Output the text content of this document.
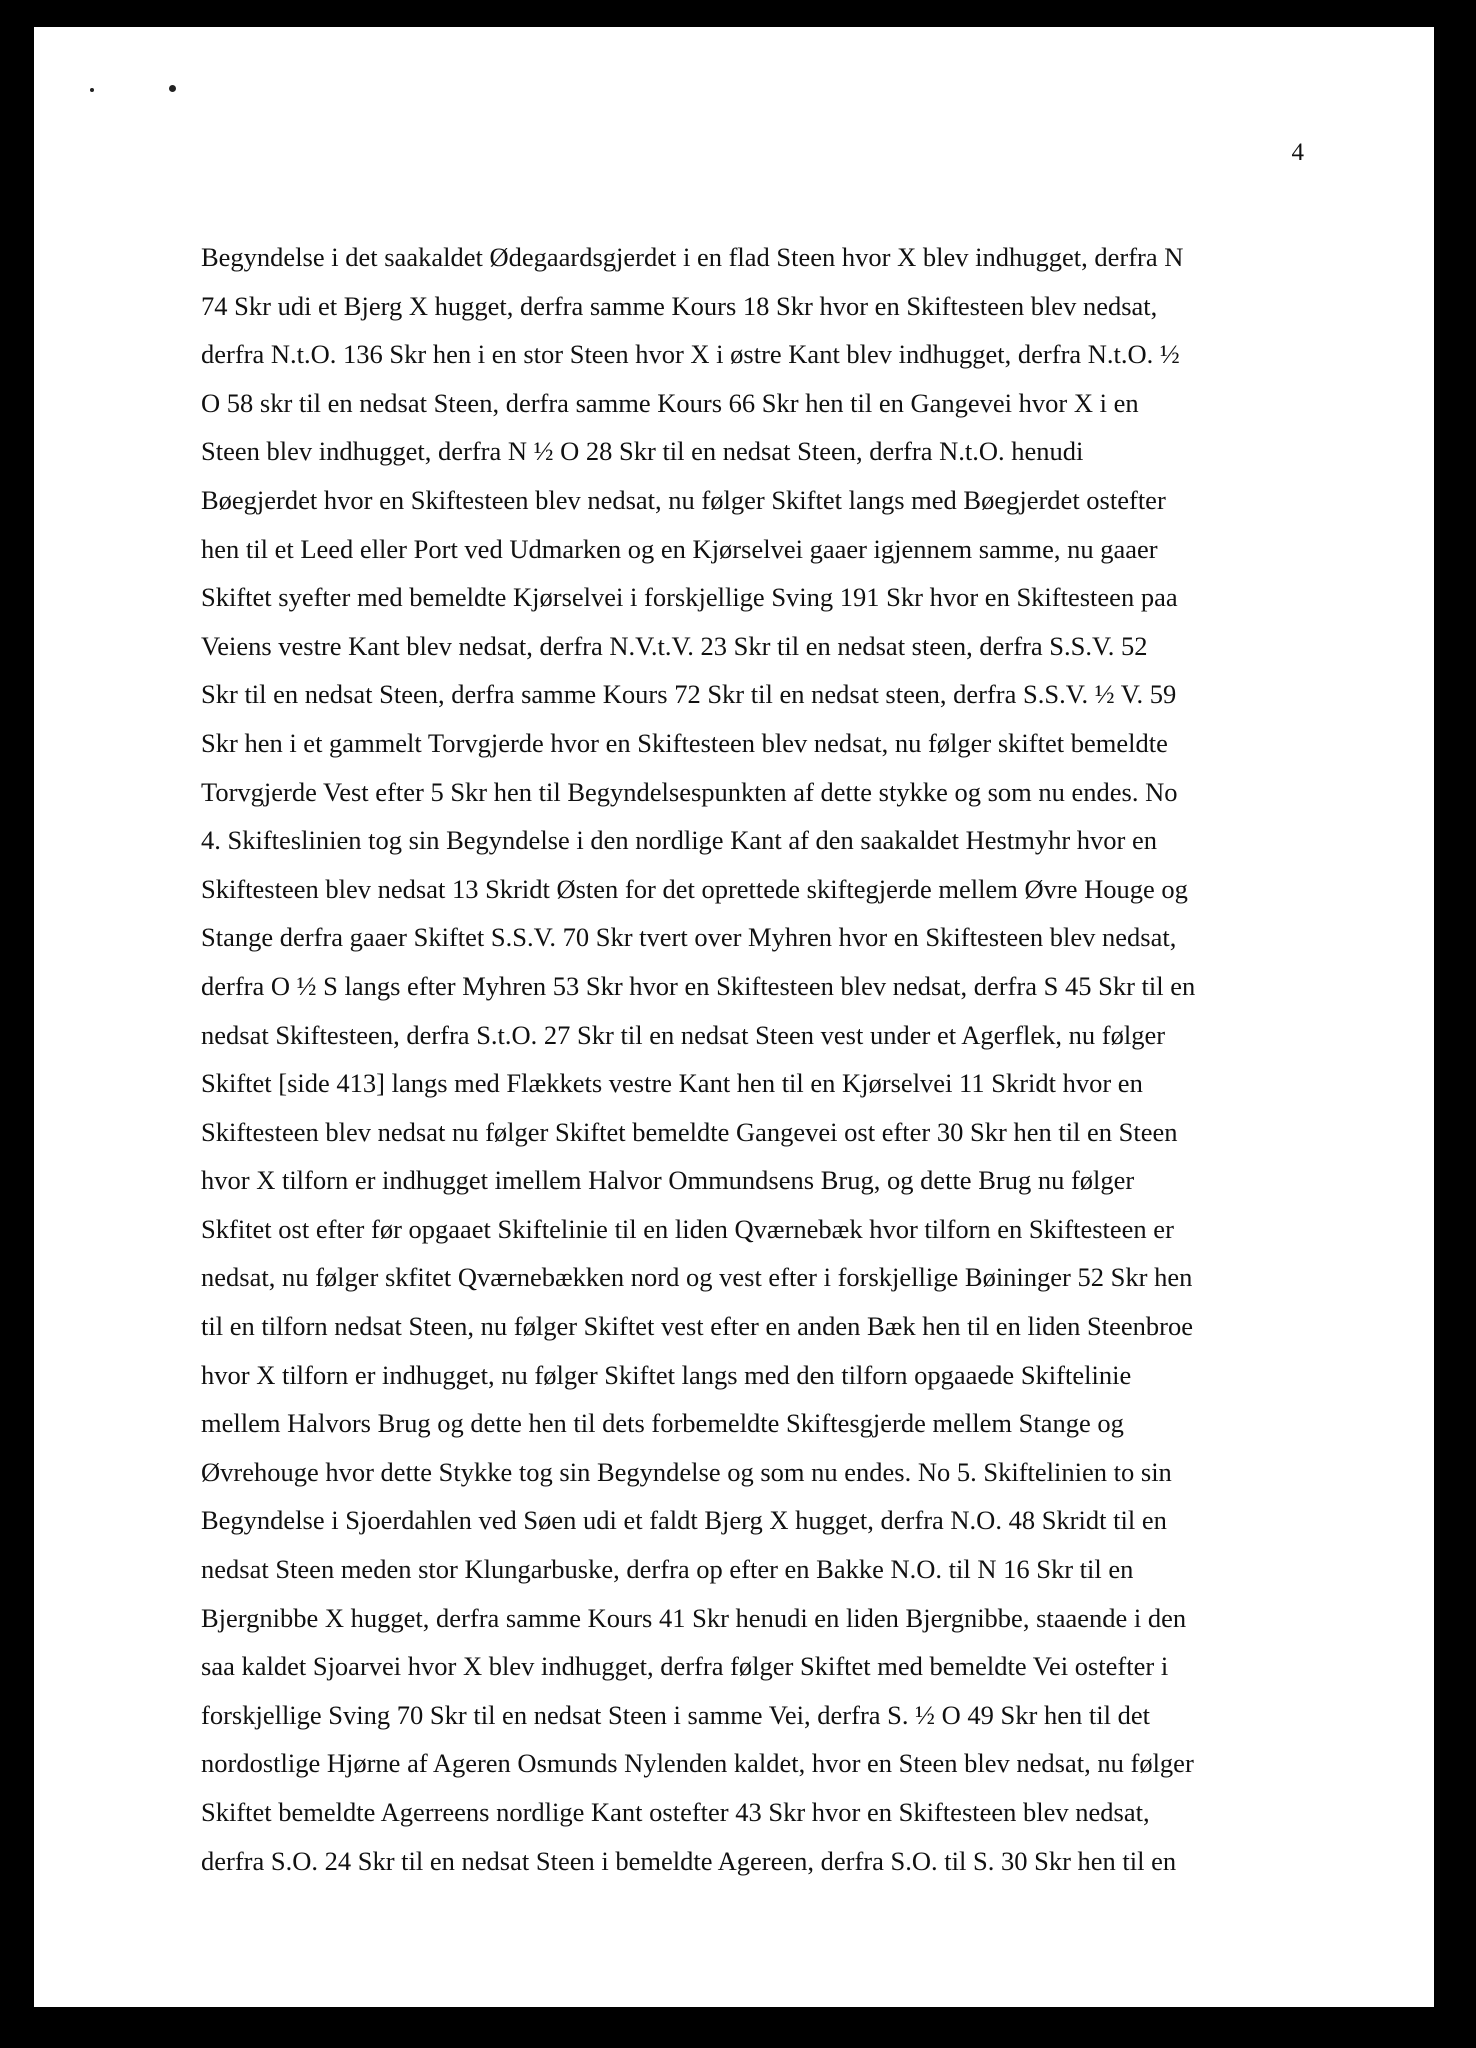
4
Begyndelse i det saakaldet Ødegaardsgjerdet i en flad Steen hvor X blev indhugget, derfra N
74 Skr udi et Bjerg X hugget, derfra samme Kours 18 Skr hvor en Skiftesteen blev nedsat,
derfra N.t.O. 136 Skr hen i en stor Steen hvor X i østre Kant blev indhugget, derfra N.t.O. ½
O 58 skr til en nedsat Steen, derfra samme Kours 66 Skr hen til en Gangevei hvor X i en
Steen blev indhugget, derfra N ½ O 28 Skr til en nedsat Steen, derfra N.t.O. henudi
Bøegjerdet hvor en Skiftesteen blev nedsat, nu følger Skiftet langs med Bøegjerdet ostefter
hen til et Leed eller Port ved Udmarken og en Kjørselvei gaaer igjennem samme, nu gaaer
Skiftet syefter med bemeldte Kjørselvei i forskjellige Sving 191 Skr hvor en Skiftesteen paa
Veiens vestre Kant blev nedsat, derfra N.V.t.V. 23 Skr til en nedsat steen, derfra S.S.V. 52
Skr til en nedsat Steen, derfra samme Kours 72 Skr til en nedsat steen, derfra S.S.V. ½ V. 59
Skr hen i et gammelt Torvgjerde hvor en Skiftesteen blev nedsat, nu følger skiftet bemeldte
Torvgjerde Vest efter 5 Skr hen til Begyndelsespunkten af dette stykke og som nu endes. No
4. Skifteslinien tog sin Begyndelse i den nordlige Kant af den saakaldet Hestmyhr hvor en
Skiftesteen blev nedsat 13 Skridt Østen for det oprettede skiftegjerde mellem Øvre Houge og
Stange derfra gaaer Skiftet S.S.V. 70 Skr tvert over Myhren hvor en Skiftesteen blev nedsat,
derfra O ½ S langs efter Myhren 53 Skr hvor en Skiftesteen blev nedsat, derfra S 45 Skr til en
nedsat Skiftesteen, derfra S.t.O. 27 Skr til en nedsat Steen vest under et Agerflek, nu følger
Skiftet [side 413] langs med Flækkets vestre Kant hen til en Kjørselvei 11 Skridt hvor en
Skiftesteen blev nedsat nu følger Skiftet bemeldte Gangevei ost efter 30 Skr hen til en Steen
hvor X tilforn er indhugget imellem Halvor Ommundsens Brug, og dette Brug nu følger
Skfitet ost efter før opgaaet Skiftelinie til en liden Qværnebæk hvor tilforn en Skiftesteen er
nedsat, nu følger skfitet Qværnebækken nord og vest efter i forskjellige Bøininger 52 Skr hen
til en tilforn nedsat Steen, nu følger Skiftet vest efter en anden Bæk hen til en liden Steenbroe
hvor X tilforn er indhugget, nu følger Skiftet langs med den tilforn opgaaede Skiftelinie
mellem Halvors Brug og dette hen til dets forbemeldte Skiftesgjerde mellem Stange og
Øvrehouge hvor dette Stykke tog sin Begyndelse og som nu endes. No 5. Skiftelinien to sin
Begyndelse i Sjoerdahlen ved Søen udi et faldt Bjerg X hugget, derfra N.O. 48 Skridt til en
nedsat Steen meden stor Klungarbuske, derfra op efter en Bakke N.O. til N 16 Skr til en
Bjergnibbe X hugget, derfra samme Kours 41 Skr henudi en liden Bjergnibbe, staaende i den
saa kaldet Sjoarvei hvor X blev indhugget, derfra følger Skiftet med bemeldte Vei ostefter i
forskjellige Sving 70 Skr til en nedsat Steen i samme Vei, derfra S. ½ O 49 Skr hen til det
nordostlige Hjørne af Ageren Osmunds Nylenden kaldet, hvor en Steen blev nedsat, nu følger
Skiftet bemeldte Agerreens nordlige Kant ostefter 43 Skr hvor en Skiftesteen blev nedsat,
derfra S.O. 24 Skr til en nedsat Steen i bemeldte Agereen, derfra S.O. til S. 30 Skr hen til en
